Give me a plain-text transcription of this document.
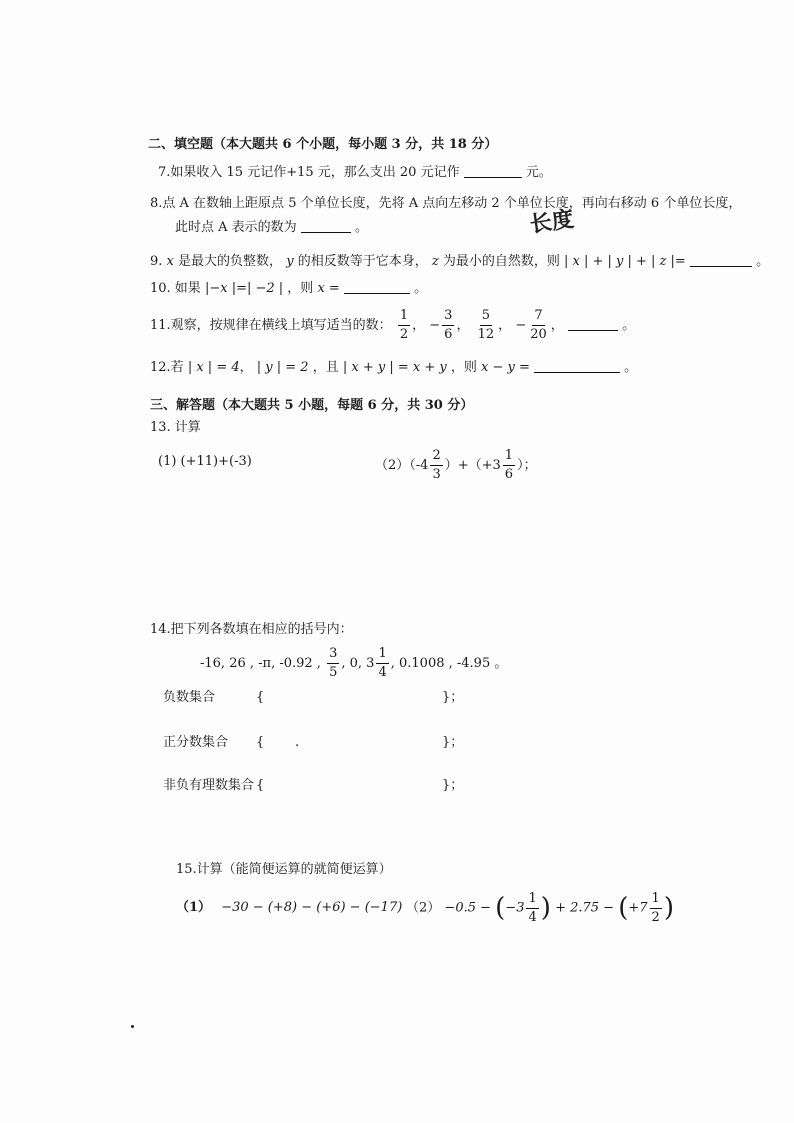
二、填空题（本大题共 6 个小题，每小题 3 分，共 18 分）
7.如果收入 15 元记作+15 元，那么支出 20 元记作	元。
8.点 A 在数轴上距原点 5 个单位长度，先将 A 点向左移动 2 个单位长度，再向右移动 6 个单位长度，
此时点 A 表示的数为	。	长度
9. x 是最大的负整数， y 的相反数等于它本身， z 为最小的自然数，则 | x | + | y | + | z |=	。
10. 如果 |−x |=| −2 | ，则 x =	。
11.观察，按规律在横线上填写适当的数： $\frac{1}{2}$ ， − $\frac{3}{6}$ ， $\frac{5}{12}$ ， − $\frac{7}{20}$ ，	。
12.若 | x | = 4， | y | = 2 ，且 | x + y | = x + y ，则 x − y =	。
三、解答题（本大题共 5 小题，每题 6 分，共 30 分）
13. 计算
(1) (+11)+(-3)	$(2)(-4 \frac{2}{3} )+(+3 \frac{1}{6}$ ）；
14.把下列各数填在相应的括号内：
-16, 26 , -π, -0.92 , $\frac{3}{5}$ , 0, $3 \frac{1}{4}$ , 0.1008 , -4.95 。
负数集合	{	}；
正分数集合 { .	}；
非负有理数集合 {	}；
15.计算（能简便运算的就简便运算）
（1） −30 − (+8) − (+6) − (−17) $(2) -0.5 - (-3 \frac{1}{4}$ ) + $2.75 - (+7 \frac{1}{2}$ )
